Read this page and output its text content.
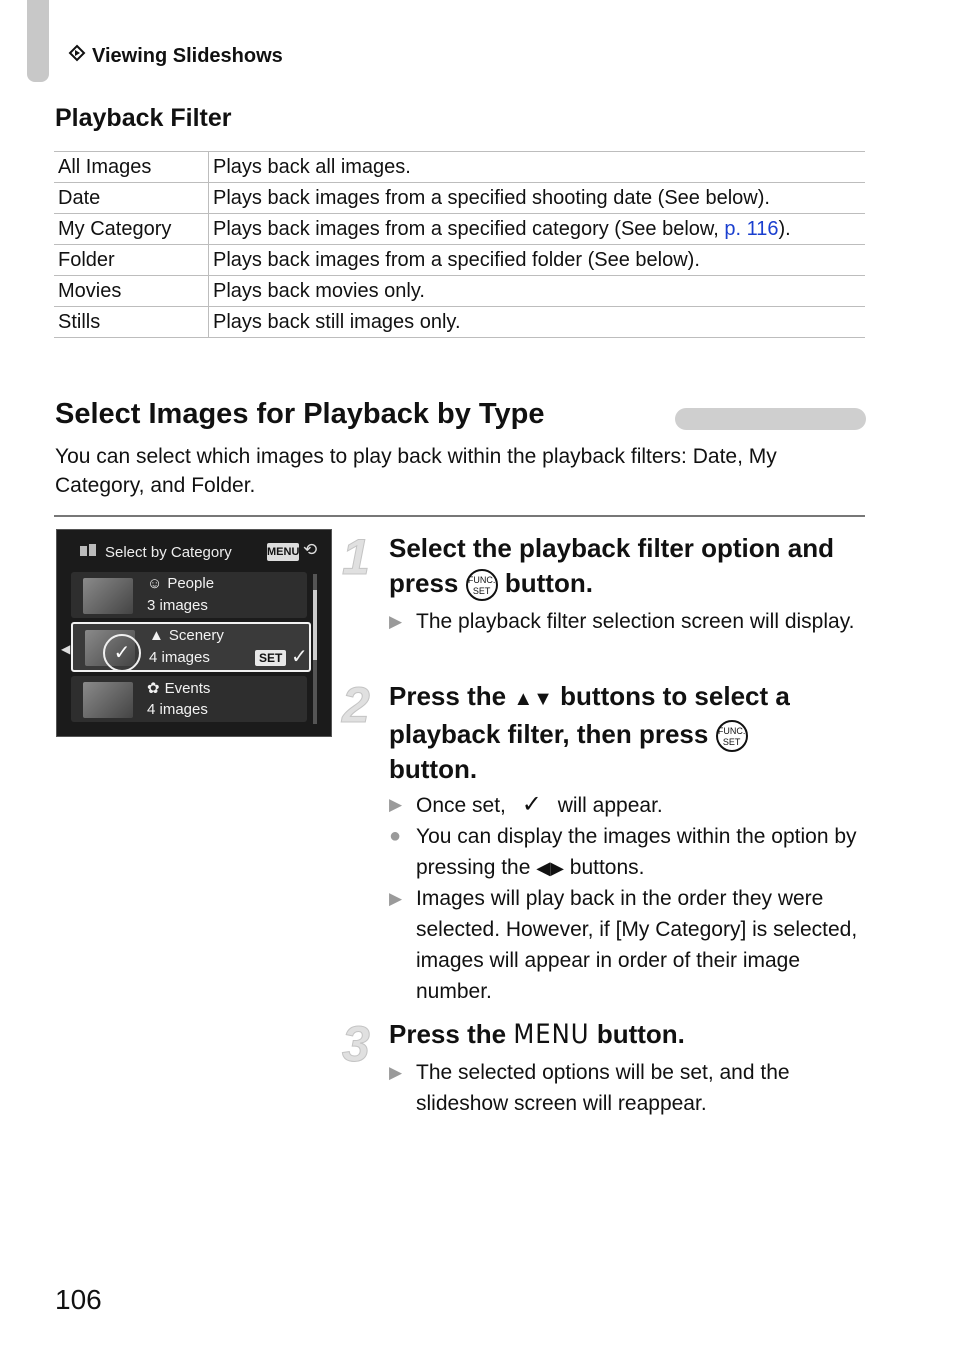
Viewing Slideshows
Playback Filter
All Images	Plays back all images.
Date	Plays back images from a specified shooting date (See below).
My Category	Plays back images from a specified category (See below, p. 116).
Folder	Plays back images from a specified folder (See below).
Movies	Plays back movies only.
Stills	Plays back still images only.
Select Images for Playback by Type
You can select which images to play back within the playback filters: Date, My Category, and Folder.
Select by Category	MENU ⟲
◀
☺ People
3 images
✓
▲ Scenery
4 images	SET ✓
✿ Events
4 images
1 Select the playback filter option and press FUNC.
SET button.
▶ The playback filter selection screen will display.
2 Press the ▲▼ buttons to select a playback filter, then press FUNC.
SET
button.
▶ Once set, ✓ will appear.
● You can display the images within the option by pressing the ◀▶ buttons.
▶ Images will play back in the order they were selected. However, if [My Category] is selected, images will appear in order of their image number.
3 Press the MENU button.
▶ The selected options will be set, and the slideshow screen will reappear.
106
